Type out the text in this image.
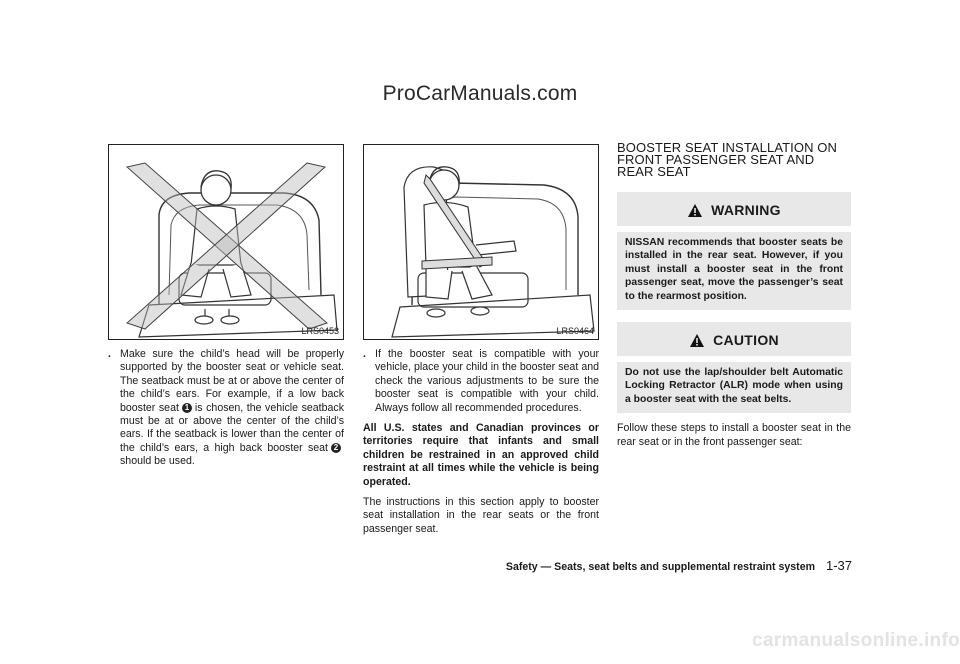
ProCarManuals.com
LRS0453
. Make sure the child’s head will be properly supported by the booster seat or vehicle seat. The seatback must be at or above the center of the child’s ears. For example, if a low back booster seat 1 is chosen, the vehicle seatback must be at or above the center of the child’s ears. If the seatback is lower than the center of the child’s ears, a high back booster seat 2should be used.
LRS0464
. If the booster seat is compatible with your vehicle, place your child in the booster seat and check the various adjustments to be sure the booster seat is compatible with your child. Always follow all recommended procedures.
All U.S. states and Canadian provinces or territories require that infants and small children be restrained in an approved child restraint at all times while the vehicle is being operated.
The instructions in this section apply to booster seat installation in the rear seats or the front passenger seat.
BOOSTER SEAT INSTALLATION ON FRONT PASSENGER SEAT AND REAR SEAT
WARNING
NISSAN recommends that booster seats be installed in the rear seat. However, if you must install a booster seat in the front passenger seat, move the passenger’s seat to the rearmost position.
CAUTION
Do not use the lap/shoulder belt Automatic Locking Retractor (ALR) mode when using a booster seat with the seat belts.
Follow these steps to install a booster seat in the rear seat or in the front passenger seat:
Safety — Seats, seat belts and supplemental restraint system 1-37
carmanualsonline.info
